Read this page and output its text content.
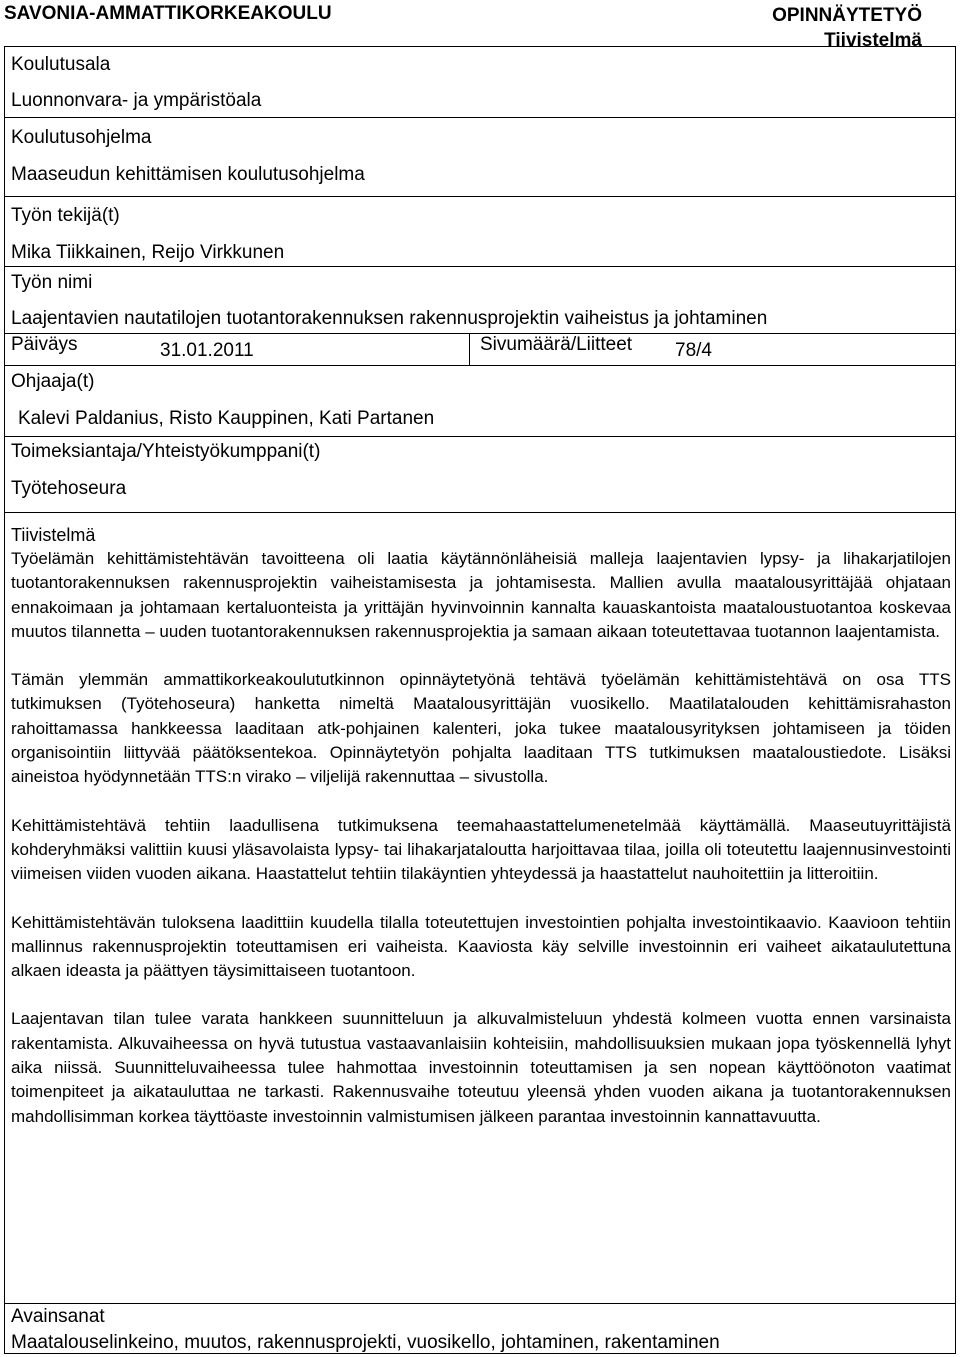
SAVONIA-AMMATTIKORKEAKOULU	OPINNÄYTETYÖ
Tiivistelmä
Koulutusala
Luonnonvara- ja ympäristöala
Koulutusohjelma
Maaseudun kehittämisen koulutusohjelma
Työn tekijä(t)
Mika Tiikkainen, Reijo Virkkunen
Työn nimi
Laajentavien nautatilojen tuotantorakennuksen rakennusprojektin vaiheistus ja johtaminen
Päiväys	31.01.2011	Sivumäärä/Liitteet 78/4
Ohjaaja(t)
Kalevi Paldanius, Risto Kauppinen, Kati Partanen
Toimeksiantaja/Yhteistyökumppani(t)
Työtehoseura
Tiivistelmä

Työelämän kehittämistehtävän tavoitteena oli laatia käytännönläheisiä malleja laajentavien lypsy- ja lihakarjatilojen tuotantorakennuksen rakennusprojektin vaiheistamisesta ja johtamisesta. Mallien avulla maatalousyrittäjää ohjataan ennakoimaan ja johtamaan kertaluonteista ja yrittäjän hyvinvoinnin kannalta kauaskantoista maataloustuotantoa koskevaa muutos tilannetta – uuden tuotantorakennuksen rakennusprojektia ja samaan aikaan toteutettavaa tuotannon laajentamista.

Tämän ylemmän ammattikorkeakoulututkinnon opinnäytetyönä tehtävä työelämän kehittämistehtävä on osa TTS tutkimuksen (Työtehoseura) hanketta nimeltä Maatalousyrittäjän vuosikello. Maatilatalouden kehittämisrahaston rahoittamassa hankkeessa laaditaan atk-pohjainen kalenteri, joka tukee maatalousyrityksen johtamiseen ja töiden organisointiin liittyvää päätöksentekoa. Opinnäytetyön pohjalta laaditaan TTS tutkimuksen maataloustiedote. Lisäksi aineistoa hyödynnetään TTS:n virako – viljelijä rakennuttaa – sivustolla.

Kehittämistehtävä tehtiin laadullisena tutkimuksena teemahaastattelumenetelmää käyttämällä. Maaseutuyrittäjistä kohderyhmäksi valittiin kuusi yläsavolaista lypsy- tai lihakarjataloutta harjoittavaa tilaa, joilla oli toteutettu laajennusinvestointi viimeisen viiden vuoden aikana. Haastattelut tehtiin tilakäyntien yhteydessä ja haastattelut nauhoitettiin ja litteroitiin.

Kehittämistehtävän tuloksena laadittiin kuudella tilalla toteutettujen investointien pohjalta investointikaavio. Kaavioon tehtiin mallinnus rakennusprojektin toteuttamisen eri vaiheista. Kaaviosta käy selville investoinnin eri vaiheet aikataulutettuna alkaen ideasta ja päättyen täysimittaiseen tuotantoon.

Laajentavan tilan tulee varata hankkeen suunnitteluun ja alkuvalmisteluun yhdestä kolmeen vuotta ennen varsinaista rakentamista. Alkuvaiheessa on hyvä tutustua vastaavanlaisiin kohteisiin, mahdollisuuksien mukaan jopa työskennellä lyhyt aika niissä. Suunnitteluvaiheessa tulee hahmottaa investoinnin toteuttamisen ja sen nopean käyttöönoton vaatimat toimenpiteet ja aikatauluttaa ne tarkasti. Rakennusvaihe toteutuu yleensä yhden vuoden aikana ja tuotantorakennuksen mahdollisimman korkea täyttöaste investoinnin valmistumisen jälkeen parantaa investoinnin kannattavuutta.

Avainsanat
Maatalouselinkeino, muutos, rakennusprojekti, vuosikello, johtaminen, rakentaminen
